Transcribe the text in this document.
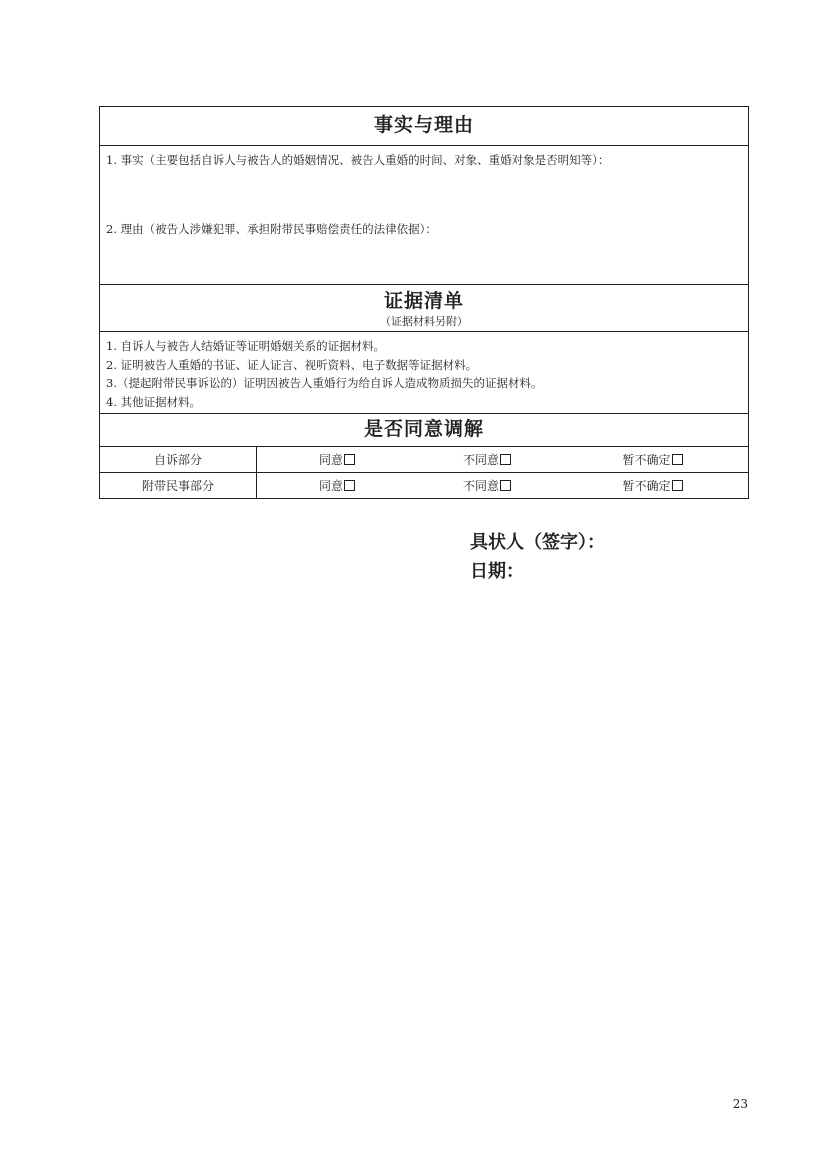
事实与理由
1. 事实（主要包括自诉人与被告人的婚姻情况、被告人重婚的时间、对象、重婚对象是否明知等）：
2. 理由（被告人涉嫌犯罪、承担附带民事赔偿责任的法律依据）：
证据清单
（证据材料另附）
1. 自诉人与被告人结婚证等证明婚姻关系的证据材料。
2. 证明被告人重婚的书证、证人证言、视听资料、电子数据等证据材料。
3.（提起附带民事诉讼的）证明因被告人重婚行为给自诉人造成物质损失的证据材料。
4. 其他证据材料。
是否同意调解
自诉部分	同意	不同意	暂不确定
附带民事部分	同意	不同意	暂不确定
具状人（签字）：
日期：
23
